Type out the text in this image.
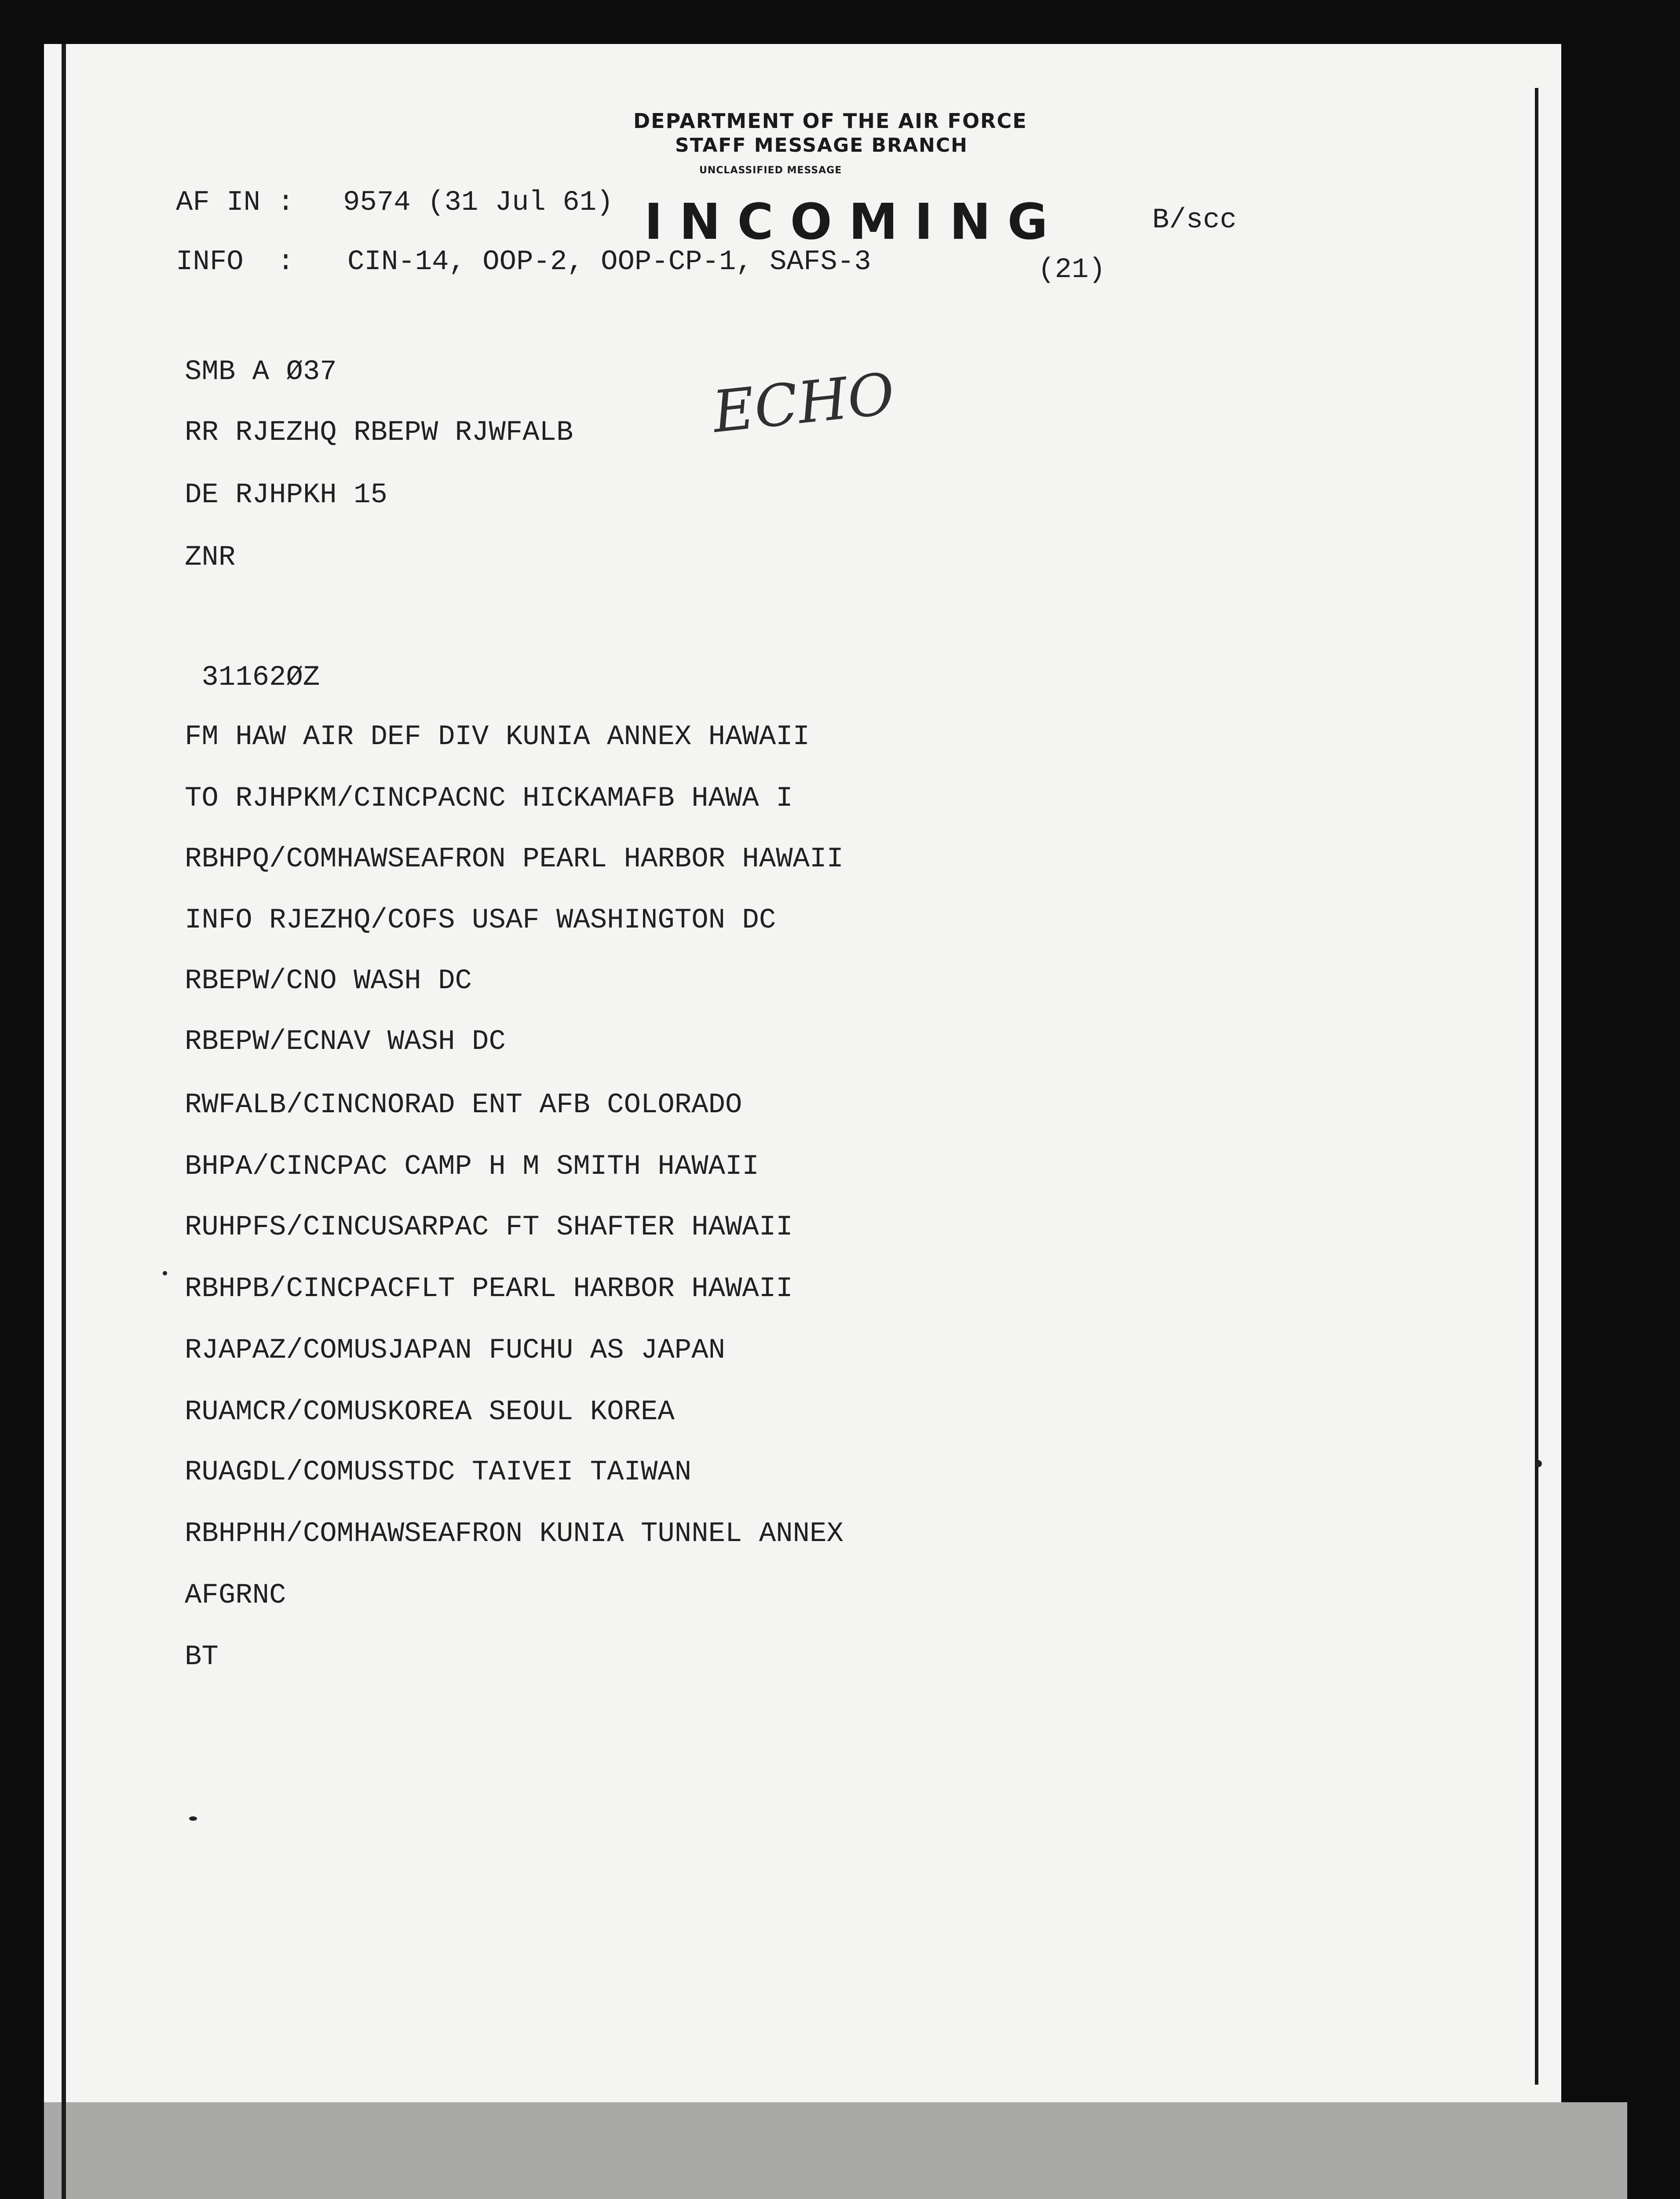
DEPARTMENT OF THE AIR FORCE
STAFF MESSAGE BRANCH
UNCLASSIFIED MESSAGE
INCOMING
AF IN : 9574 (31 Jul 61)
INFO  : CIN-14, OOP-2, OOP-CP-1, SAFS-3
B/scc
(21)
ECHO
SMB A Ø37
RR RJEZHQ RBEPW RJWFALB
DE RJHPKH 15
ZNR
31162ØZ
FM HAW AIR DEF DIV KUNIA ANNEX HAWAII
TO RJHPKM/CINCPACNC HICKAMAFB HAWA I
RBHPQ/COMHAWSEAFRON PEARL HARBOR HAWAII
INFO RJEZHQ/COFS USAF WASHINGTON DC
RBEPW/CNO WASH DC
RBEPW/ECNAV WASH DC
RWFALB/CINCNORAD ENT AFB COLORADO
BHPA/CINCPAC CAMP H M SMITH HAWAII
RUHPFS/CINCUSARPAC FT SHAFTER HAWAII
RBHPB/CINCPACFLT PEARL HARBOR HAWAII
RJAPAZ/COMUSJAPAN FUCHU AS JAPAN
RUAMCR/COMUSKOREA SEOUL KOREA
RUAGDL/COMUSSTDC TAIVEI TAIWAN
RBHPHH/COMHAWSEAFRON KUNIA TUNNEL ANNEX
AFGRNC
BT
